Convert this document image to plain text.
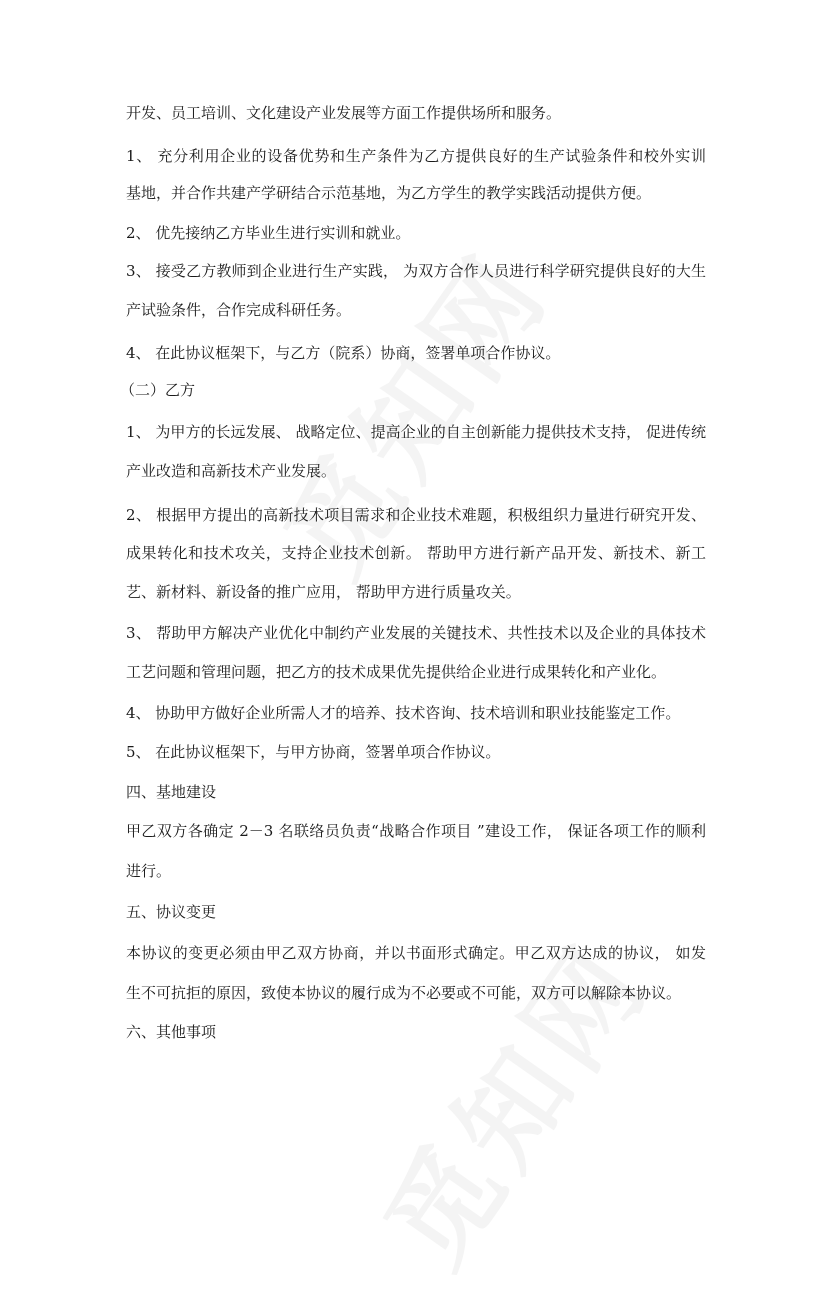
开发、员工培训、文化建设产业发展等方面工作提供场所和服务。
1、 充分利用企业的设备优势和生产条件为乙方提供良好的生产试验条件和校外实训
基地，并合作共建产学研结合示范基地，为乙方学生的教学实践活动提供方便。
2、 优先接纳乙方毕业生进行实训和就业。
3、 接受乙方教师到企业进行生产实践， 为双方合作人员进行科学研究提供良好的大生
产试验条件，合作完成科研任务。
4、 在此协议框架下，与乙方（院系）协商，签署单项合作协议。
（二）乙方
1、 为甲方的长远发展、 战略定位、提高企业的自主创新能力提供技术支持， 促进传统
产业改造和高新技术产业发展。
2、 根据甲方提出的高新技术项目需求和企业技术难题，积极组织力量进行研究开发、
成果转化和技术攻关，支持企业技术创新。 帮助甲方进行新产品开发、新技术、新工
艺、新材料、新设备的推广应用， 帮助甲方进行质量攻关。
3、 帮助甲方解决产业优化中制约产业发展的关键技术、共性技术以及企业的具体技术
工艺问题和管理问题，把乙方的技术成果优先提供给企业进行成果转化和产业化。
4、 协助甲方做好企业所需人才的培养、技术咨询、技术培训和职业技能鉴定工作。
5、 在此协议框架下，与甲方协商，签署单项合作协议。
四、基地建设
甲乙双方各确定 2－3 名联络员负责“战略合作项目 ”建设工作， 保证各项工作的顺利
进行。
五、协议变更
本协议的变更必须由甲乙双方协商，并以书面形式确定。甲乙双方达成的协议， 如发
生不可抗拒的原因，致使本协议的履行成为不必要或不可能，双方可以解除本协议。
六、其他事项
